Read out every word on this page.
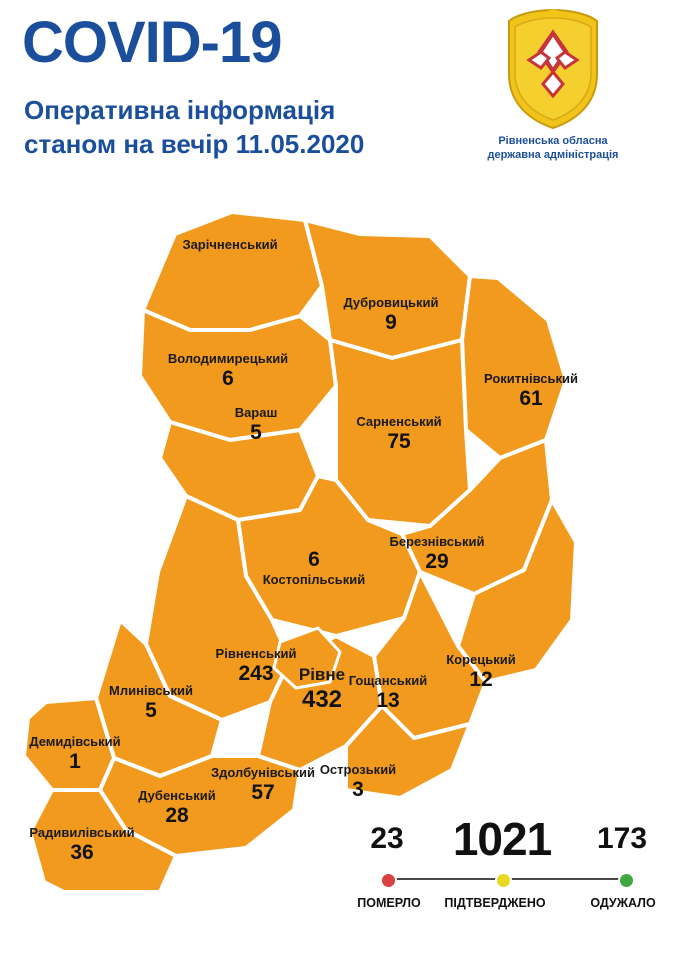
COVID-19
Оперативна інформація
станом на вечір 11.05.2020	Рівненська обласна
державна адміністрація
Зарічненський
Дубровицький
9
Володимирецький
6	Рокитнівський
61
Вараш
5	Сарненський
75
Березнівський
29
6
Костопільський
Корецький
12
Рівненський
243	Гощанський
13
Млинівський
5
Демидівський
1	Здолбунівський
57
Острозький
3
Дубенський
28
Радивилівський
36
Рівне
432
23	1021	173
ПОМЕРЛО	ПІДТВЕРДЖЕНО	ОДУЖАЛО
